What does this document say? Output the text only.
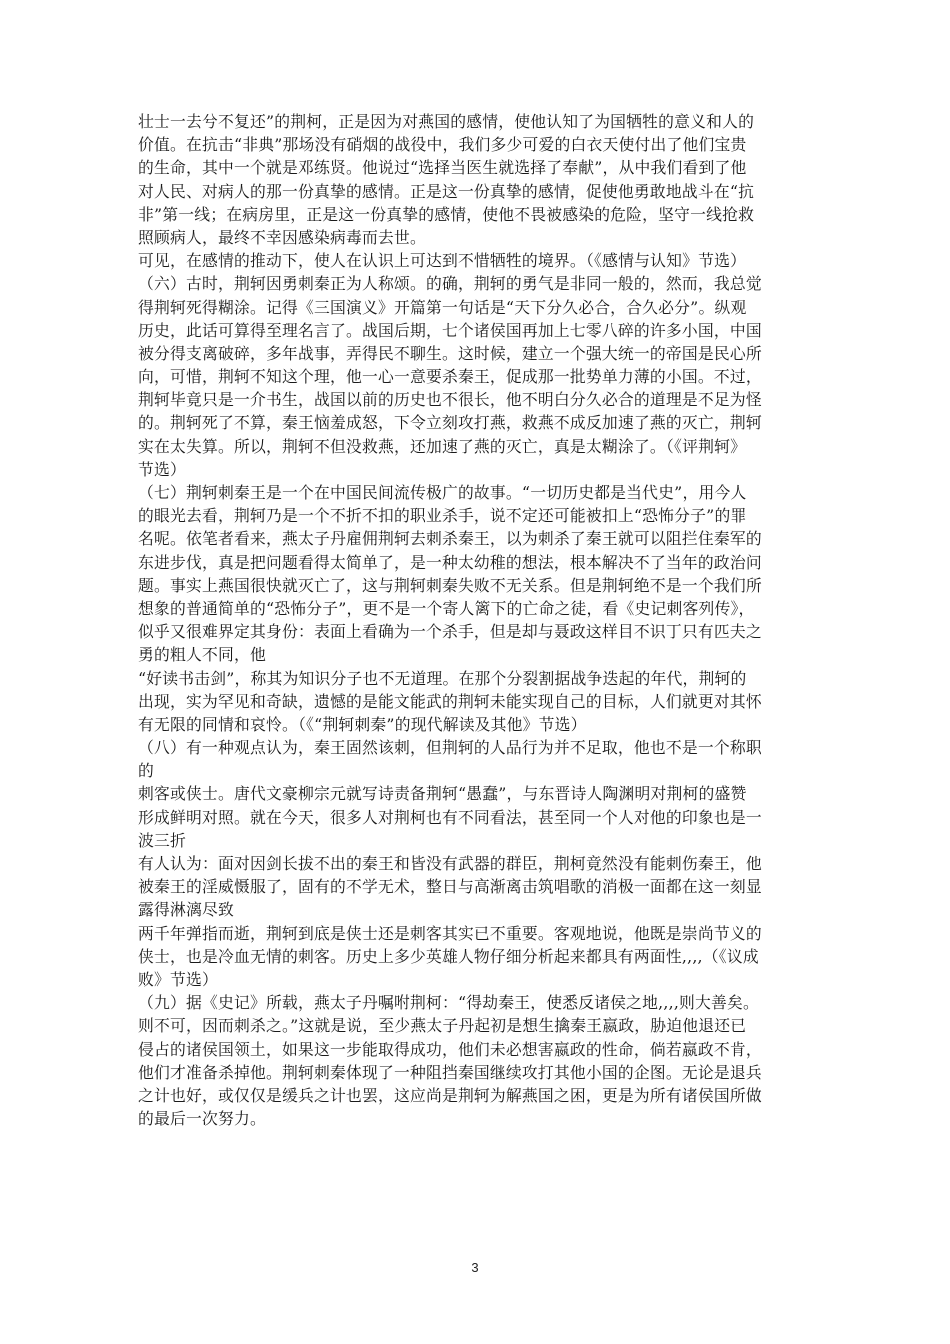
壮士一去兮不复还”的荆柯，正是因为对燕国的感情，使他认知了为国牺牲的意义和人的
价值。在抗击“非典”那场没有硝烟的战役中，我们多少可爱的白衣天使付出了他们宝贵
的生命，其中一个就是邓练贤。他说过“选择当医生就选择了奉献”，从中我们看到了他
对人民、对病人的那一份真挚的感情。正是这一份真挚的感情，促使他勇敢地战斗在“抗
非”第一线；在病房里，正是这一份真挚的感情，使他不畏被感染的危险，坚守一线抢救
照顾病人，最终不幸因感染病毒而去世。
可见，在感情的推动下，使人在认识上可达到不惜牺牲的境界。（《感情与认知》节选）
（六）古时，荆轲因勇刺秦正为人称颂。的确，荆轲的勇气是非同一般的，然而，我总觉
得荆轲死得糊涂。记得《三国演义》开篇第一句话是“天下分久必合，合久必分”。纵观
历史，此话可算得至理名言了。战国后期，七个诸侯国再加上七零八碎的许多小国，中国
被分得支离破碎，多年战事，弄得民不聊生。这时候，建立一个强大统一的帝国是民心所
向，可惜，荆轲不知这个理，他一心一意要杀秦王，促成那一批势单力薄的小国。不过，
荆轲毕竟只是一介书生，战国以前的历史也不很长，他不明白分久必合的道理是不足为怪
的。荆轲死了不算，秦王恼羞成怒，下令立刻攻打燕，救燕不成反加速了燕的灭亡，荆轲
实在太失算。所以，荆轲不但没救燕，还加速了燕的灭亡，真是太糊涂了。（《评荆轲》
节选）
（七）荆轲刺秦王是一个在中国民间流传极广的故事。“一切历史都是当代史”，用今人
的眼光去看，荆轲乃是一个不折不扣的职业杀手，说不定还可能被扣上“恐怖分子”的罪
名呢。依笔者看来，燕太子丹雇佣荆轲去刺杀秦王，以为刺杀了秦王就可以阻拦住秦军的
东进步伐，真是把问题看得太简单了，是一种太幼稚的想法，根本解决不了当年的政治问
题。事实上燕国很快就灭亡了，这与荆轲刺秦失败不无关系。但是荆轲绝不是一个我们所
想象的普通简单的“恐怖分子”，更不是一个寄人篱下的亡命之徒，看《史记刺客列传》，
似乎又很难界定其身份：表面上看确为一个杀手，但是却与聂政这样目不识丁只有匹夫之
勇的粗人不同，他
“好读书击剑”，称其为知识分子也不无道理。在那个分裂割据战争迭起的年代，荆轲的
出现，实为罕见和奇缺，遗憾的是能文能武的荆轲未能实现自己的目标，人们就更对其怀
有无限的同情和哀怜。（《“荆轲刺秦”的现代解读及其他》节选）
（八）有一种观点认为，秦王固然该刺，但荆轲的人品行为并不足取，他也不是一个称职
的
刺客或侠士。唐代文豪柳宗元就写诗责备荆轲“愚蠢”，与东晋诗人陶渊明对荆柯的盛赞
形成鲜明对照。就在今天，很多人对荆柯也有不同看法，甚至同一个人对他的印象也是一
波三折
有人认为：面对因剑长拔不出的秦王和皆没有武器的群臣，荆柯竟然没有能刺伤秦王，他
被秦王的淫威慑服了，固有的不学无术，整日与高渐离击筑唱歌的消极一面都在这一刻显
露得淋漓尽致
两千年弹指而逝，荆轲到底是侠士还是刺客其实已不重要。客观地说，他既是崇尚节义的
侠士，也是冷血无情的刺客。历史上多少英雄人物仔细分析起来都具有两面性,,,,（《议成
败》节选）
（九）据《史记》所载，燕太子丹嘱咐荆柯：“得劫秦王，使悉反诸侯之地,,,,则大善矣。
则不可，因而刺杀之。”这就是说，至少燕太子丹起初是想生擒秦王嬴政，胁迫他退还已
侵占的诸侯国领土，如果这一步能取得成功，他们未必想害嬴政的性命，倘若嬴政不肯，
他们才准备杀掉他。荆轲刺秦体现了一种阻挡秦国继续攻打其他小国的企图。无论是退兵
之计也好，或仅仅是缓兵之计也罢，这应尚是荆轲为解燕国之困，更是为所有诸侯国所做
的最后一次努力。
3
